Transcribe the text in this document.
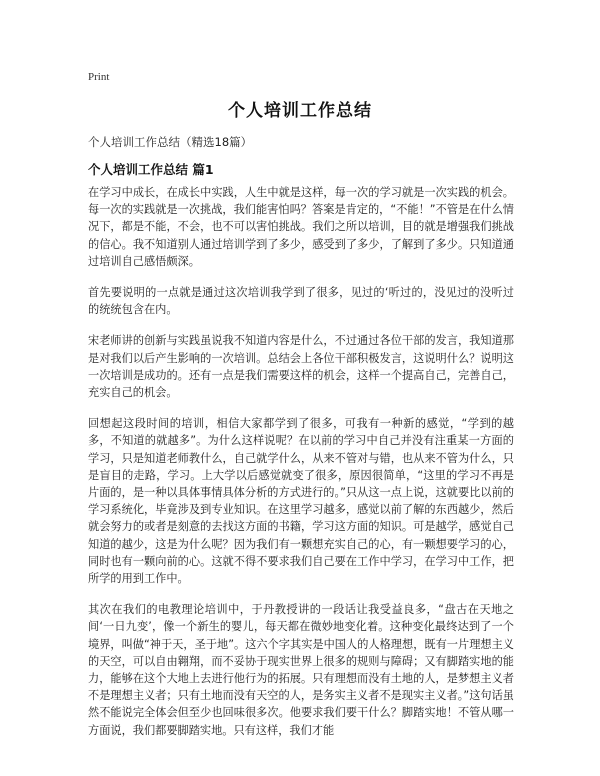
Print
个人培训工作总结
个人培训工作总结（精选18篇）
个人培训工作总结 篇1

在学习中成长，在成长中实践，人生中就是这样，每一次的学习就是一次实践的机会。每一次的实践就是一次挑战，我们能害怕吗？答案是肯定的，“不能！”不管是在什么情况下，都是不能，不会，也不可以害怕挑战。我们之所以培训，目的就是增强我们挑战的信心。我不知道别人通过培训学到了多少，感受到了多少，了解到了多少。只知道通过培训自己感悟颇深。

首先要说明的一点就是通过这次培训我学到了很多，见过的‘听过的，没见过的没听过的统统包含在内。

宋老师讲的创新与实践虽说我不知道内容是什么，不过通过各位干部的发言，我知道那是对我们以后产生影响的一次培训。总结会上各位干部积极发言，这说明什么？说明这一次培训是成功的。还有一点是我们需要这样的机会，这样一个提高自己，完善自己，充实自己的机会。

回想起这段时间的培训，相信大家都学到了很多，可我有一种新的感觉，“学到的越多，不知道的就越多”。为什么这样说呢？在以前的学习中自己并没有注重某一方面的学习，只是知道老师教什么，自己就学什么，从来不管对与错，也从来不管为什么，只是盲目的走路，学习。上大学以后感觉就变了很多，原因很简单，“这里的学习不再是片面的，是一种以具体事情具体分析的方式进行的。”只从这一点上说，这就要比以前的学习系统化，毕竟涉及到专业知识。在这里学习越多，感觉以前了解的东西越少，然后就会努力的或者是刻意的去找这方面的书籍，学习这方面的知识。可是越学，感觉自己知道的越少，这是为什么呢？因为我们有一颗想充实自己的心，有一颗想要学习的心，同时也有一颗向前的心。这就不得不要求我们自己要在工作中学习，在学习中工作，把所学的用到工作中。

其次在我们的电教理论培训中，于丹教授讲的一段话让我受益良多，“盘古在天地之间‘一日九变’，像一个新生的婴儿，每天都在微妙地变化着。这种变化最终达到了一个境界，叫做“神于天，圣于地”。这六个字其实是中国人的人格理想，既有一片理想主义的天空，可以自由翱翔，而不妥协于现实世界上很多的规则与障碍；又有脚踏实地的能力，能够在这个大地上去进行他行为的拓展。只有理想而没有土地的人，是梦想主义者不是理想主义者；只有土地而没有天空的人，是务实主义者不是现实主义者。”这句话虽然不能说完全体会但至少也回味很多次。他要求我们要干什么？脚踏实地！不管从哪一方面说，我们都要脚踏实地。只有这样，我们才能
